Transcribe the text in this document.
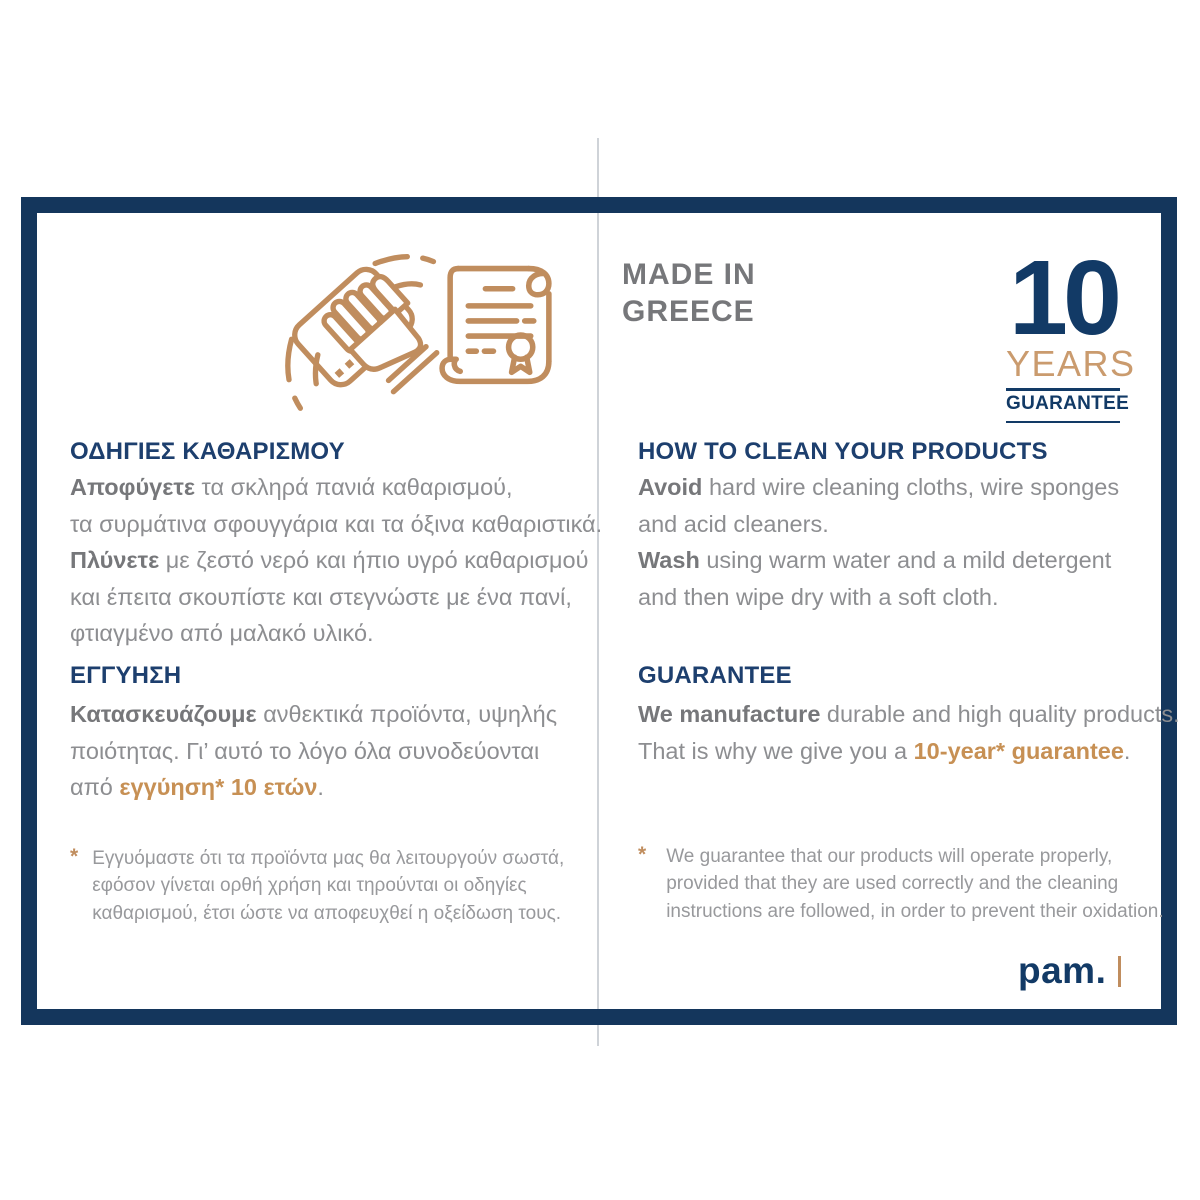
MADE IN
GREECE 10
YEARS
GUARANTEE
ΟΔΗΓΙΕΣ ΚΑΘΑΡΙΣΜΟΥ
Αποφύγετε τα σκληρά πανιά καθαρισμού,
τα συρμάτινα σφουγγάρια και τα όξινα καθαριστικά.
Πλύνετε με ζεστό νερό και ήπιο υγρό καθαρισμού
και έπειτα σκουπίστε και στεγνώστε με ένα πανί,
φτιαγμένο από μαλακό υλικό.
ΕΓΓΥΗΣΗ
Κατασκευάζουμε ανθεκτικά προϊόντα, υψηλής
ποιότητας. Γι’ αυτό το λόγο όλα συνοδεύονται
από εγγύηση* 10 ετών.
* Εγγυόμαστε ότι τα προϊόντα μας θα λειτουργούν σωστά,
εφόσον γίνεται ορθή χρήση και τηρούνται οι οδηγίες
καθαρισμού, έτσι ώστε να αποφευχθεί η οξείδωση τους.
HOW TO CLEAN YOUR PRODUCTS
Avoid hard wire cleaning cloths, wire sponges
and acid cleaners.
Wash using warm water and a mild detergent
and then wipe dry with a soft cloth.
GUARANTEE
We manufacture durable and high quality products.
That is why we give you a 10-year* guarantee.
* We guarantee that our products will operate properly,
provided that they are used correctly and the cleaning
instructions are followed, in order to prevent their oxidation.
pam.
